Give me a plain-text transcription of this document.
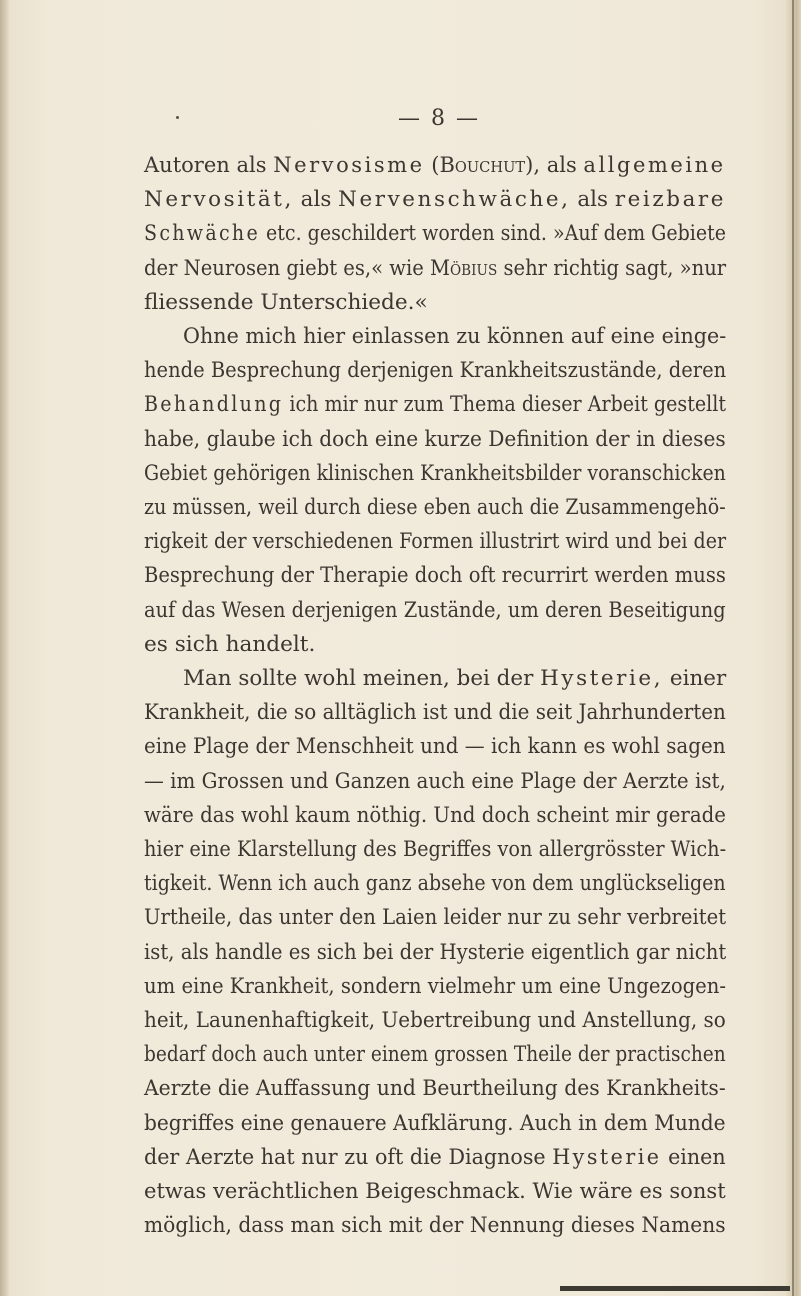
— 8 —
Autoren als Nervosisme (Bouchut), als allgemeine
Nervosität, als Nervenschwäche, als reizbare
Schwäche etc. geschildert worden sind. »Auf dem Gebiete
der Neurosen giebt es,« wie Möbius sehr richtig sagt, »nur
fliessende Unterschiede.«
Ohne mich hier einlassen zu können auf eine einge-
hende Besprechung derjenigen Krankheitszustände, deren
Behandlung ich mir nur zum Thema dieser Arbeit gestellt
habe, glaube ich doch eine kurze Definition der in dieses
Gebiet gehörigen klinischen Krankheitsbilder voranschicken
zu müssen, weil durch diese eben auch die Zusammengehö-
rigkeit der verschiedenen Formen illustrirt wird und bei der
Besprechung der Therapie doch oft recurrirt werden muss
auf das Wesen derjenigen Zustände, um deren Beseitigung
es sich handelt.
Man sollte wohl meinen, bei der Hysterie, einer
Krankheit, die so alltäglich ist und die seit Jahrhunderten
eine Plage der Menschheit und — ich kann es wohl sagen
— im Grossen und Ganzen auch eine Plage der Aerzte ist,
wäre das wohl kaum nöthig. Und doch scheint mir gerade
hier eine Klarstellung des Begriffes von allergrösster Wich-
tigkeit. Wenn ich auch ganz absehe von dem unglückseligen
Urtheile, das unter den Laien leider nur zu sehr verbreitet
ist, als handle es sich bei der Hysterie eigentlich gar nicht
um eine Krankheit, sondern vielmehr um eine Ungezogen-
heit, Launenhaftigkeit, Uebertreibung und Anstellung, so
bedarf doch auch unter einem grossen Theile der practischen
Aerzte die Auffassung und Beurtheilung des Krankheits-
begriffes eine genauere Aufklärung. Auch in dem Munde
der Aerzte hat nur zu oft die Diagnose Hysterie einen
etwas verächtlichen Beigeschmack. Wie wäre es sonst
möglich, dass man sich mit der Nennung dieses Namens
